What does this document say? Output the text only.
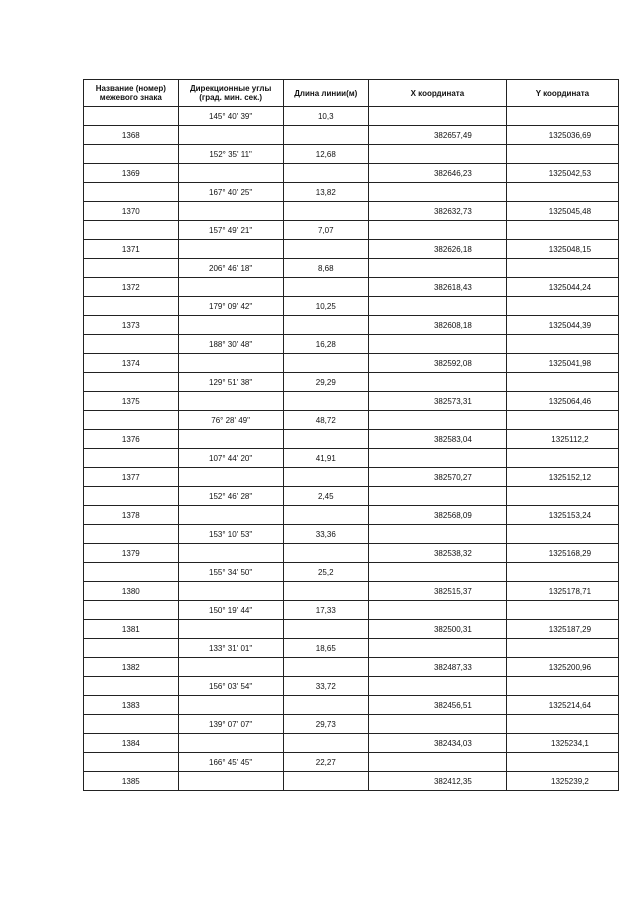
Название (номер)
межевого знака	Дирекционные углы
(град. мин. сек.)	Длина линии(м)	X координата	Y координата
	145° 40' 39"	10,3		
1368			382657,49	1325036,69
	152° 35' 11"	12,68		
1369			382646,23	1325042,53
	167° 40' 25"	13,82		
1370			382632,73	1325045,48
	157° 49' 21"	7,07		
1371			382626,18	1325048,15
	206° 46' 18"	8,68		
1372			382618,43	1325044,24
	179° 09' 42"	10,25		
1373			382608,18	1325044,39
	188° 30' 48"	16,28		
1374			382592,08	1325041,98
	129° 51' 38"	29,29		
1375			382573,31	1325064,46
	76° 28' 49"	48,72		
1376			382583,04	1325112,2
	107° 44' 20"	41,91		
1377			382570,27	1325152,12
	152° 46' 28"	2,45		
1378			382568,09	1325153,24
	153° 10' 53"	33,36		
1379			382538,32	1325168,29
	155° 34' 50"	25,2		
1380			382515,37	1325178,71
	150° 19' 44"	17,33		
1381			382500,31	1325187,29
	133° 31' 01"	18,65		
1382			382487,33	1325200,96
	156° 03' 54"	33,72		
1383			382456,51	1325214,64
	139° 07' 07"	29,73		
1384			382434,03	1325234,1
	166° 45' 45"	22,27		
1385			382412,35	1325239,2
